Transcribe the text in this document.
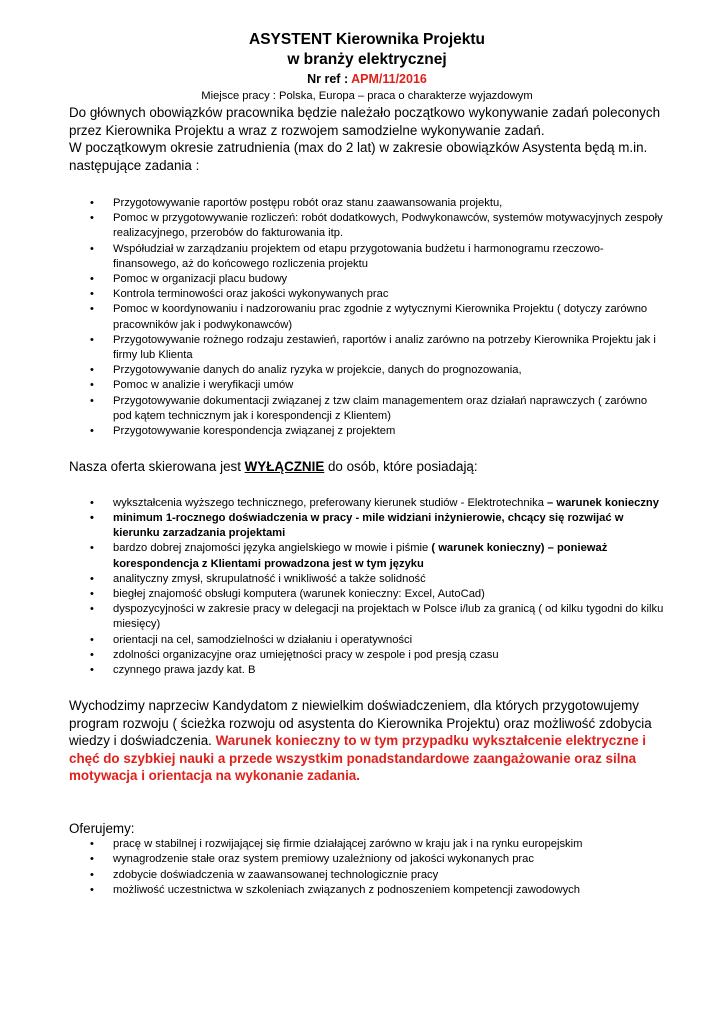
ASYSTENT Kierownika Projektu
w branży elektrycznej
Nr ref : APM/11/2016
Miejsce pracy : Polska, Europa – praca o charakterze wyjazdowym

Do głównych obowiązków pracownika będzie należało początkowo wykonywanie zadań poleconych przez Kierownika Projektu a wraz z rozwojem samodzielne wykonywanie zadań.

W początkowym okresie zatrudnienia (max do 2 lat) w zakresie obowiązków Asystenta będą m.in. następujące zadania :

• Przygotowywanie raportów postępu robót oraz stanu zaawansowania projektu,
• Pomoc w przygotowywanie rozliczeń: robót dodatkowych, Podwykonawców, systemów motywacyjnych zespoły realizacyjnego, przerobów do fakturowania itp.
• Współudział w zarządzaniu projektem od etapu przygotowania budżetu i harmonogramu rzeczowo-finansowego, aż do końcowego rozliczenia projektu
• Pomoc w organizacji placu budowy
• Kontrola terminowości oraz jakości wykonywanych prac
• Pomoc w koordynowaniu i nadzorowaniu prac zgodnie z wytycznymi Kierownika Projektu ( dotyczy zarówno pracowników jak i podwykonawców)
• Przygotowywanie rożnego rodzaju zestawień, raportów i analiz zarówno na potrzeby Kierownika Projektu jak i firmy lub Klienta
• Przygotowywanie danych do analiz ryzyka w projekcie, danych do prognozowania,
• Pomoc w analizie i weryfikacji umów
• Przygotowywanie dokumentacji związanej z tzw claim managementem oraz działań naprawczych ( zarówno pod kątem technicznym jak i korespondencji z Klientem)
• Przygotowywanie korespondencja związanej z projektem

Nasza oferta skierowana jest WYŁĄCZNIE do osób, które posiadają:

• wykształcenia wyższego technicznego, preferowany kierunek studiów - Elektrotechnika – warunek konieczny
• minimum 1-rocznego doświadczenia w pracy - mile widziani inżynierowie, chcący się rozwijać w kierunku zarzadzania projektami
• bardzo dobrej znajomości języka angielskiego w mowie i piśmie ( warunek konieczny) – ponieważ korespondencja z Klientami prowadzona jest w tym języku
• analityczny zmysł, skrupulatność i wnikliwość a także solidność
• biegłej znajomość obsługi komputera (warunek konieczny: Excel, AutoCad)
• dyspozycyjności w zakresie pracy w delegacji na projektach w Polsce i/lub za granicą ( od kilku tygodni do kilku miesięcy)
• orientacji na cel, samodzielności w działaniu i operatywności
• zdolności organizacyjne oraz umiejętności pracy w zespole i pod presją czasu
• czynnego prawa jazdy kat. B

Wychodzimy naprzeciw Kandydatom z niewielkim doświadczeniem, dla których przygotowujemy program rozwoju ( ścieżka rozwoju od asystenta do Kierownika Projektu) oraz możliwość zdobycia wiedzy i doświadczenia. Warunek konieczny to w tym przypadku wykształcenie elektryczne i chęć do szybkiej nauki a przede wszystkim ponadstandardowe zaangażowanie oraz silna motywacja i orientacja na wykonanie zadania.

Oferujemy:

• pracę w stabilnej i rozwijającej się firmie działającej zarówno w kraju jak i na rynku europejskim
• wynagrodzenie stałe oraz system premiowy uzależniony od jakości wykonanych prac
• zdobycie doświadczenia w zaawansowanej technologicznie pracy
• możliwość uczestnictwa w szkoleniach związanych z podnoszeniem kompetencji zawodowych
